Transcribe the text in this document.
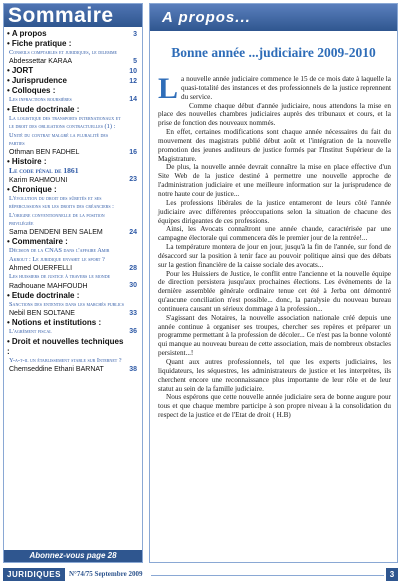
Sommaire
• A propos	3
• Fiche pratique :
Conseils comptables et juridiques, le dilemme
Abdessettar KARAA	5
• JORT	10
• Jurisprudence	12
• Colloques :
Les infractions boursières	14
• Etude doctrinale :
La logistique des transports internationaux et le droit des obligations contractuelles (1) : Unité du contrat malgré la pluralité des parties
Othman BEN FADHEL	16
• Histoire :
Le code pénal de 1861
Karim RAHMOUNI	23
• Chronique :
L'évolution du droit des sûretés et ses répercussions sur les droits des créanciers : L'origine conventionnelle de la position privilégiée
Sama DENDENI BEN SALEM	24
• Commentaire :
Décision de la CNAS dans l'affaire Amir Akrout : Le juridique envahit le sport ?
Ahmed OUERFELLI	28
Les huissiers de justice à travers le monde
Radhouane MAHFOUDH	30
• Etude doctrinale :
Sanctions des ententes dans les marchés publics
Nebil BEN SOLTANE	33
• Notions et institutions :
L'agrément fiscal	36
• Droit et nouvelles techniques :
Y-a-t-il un établissement stable sur Internet ?
Chemseddine Ethani BARNAT	38
Abonnez-vous page 28
A propos...
Bonne année ...judiciaire 2009-2010

La nouvelle année judiciaire commence le 15 de ce mois date à laquelle la quasi-totalité des instances et des professionnels de la justice reprennent du service.

Comme chaque début d'année judiciaire, nous attendons la mise en place des nouvelles chambres judiciaires auprès des tribunaux et cours, et la prise de fonction des nouveaux nommés.

En effet, certaines modifications sont chaque année nécessaires du fait du mouvement des magistrats publié début août et l'intégration de la nouvelle promotion des jeunes auditeurs de justice formés par l'Institut Supérieur de la Magistrature.

De plus, la nouvelle année devrait connaître la mise en place effective d'un Site Web de la justice destiné à permettre une nouvelle approche de l'administration judiciaire et une meilleure information sur la jurisprudence de notre haute cour de justice...

Les professions libérales de la justice entameront de leurs côté l'année judiciaire avec différentes préoccupations selon la situation de chacune des équipes dirigeantes de ces professions.

Ainsi, les Avocats connaîtront une année chaude, caractérisée par une campagne électorale qui commencera dès le premier jour de la rentrée!...

La température montera de jour en jour, jusqu'à la fin de l'année, sur fond de désaccord sur la position à tenir face au pouvoir politique ainsi que des débats sur la gestion financière de la caisse sociale des avocats...

Pour les Huissiers de Justice, le conflit entre l'ancienne et la nouvelle équipe de direction persistera jusqu'aux prochaines élections. Les événements de la dernière assemblée générale ordinaire tenue cet été à Jerba ont démontré qu'aucune conciliation n'est possible... donc, la paralysie du nouveau bureau continuera causant un sérieux dommage à la profession...

S'agissant des Notaires, la nouvelle association nationale créé depuis une année continue à organiser ses troupes, chercher ses repères et préparer un programme permettant à la profession de décoler... Ce n'est pas la bonne volonté qui manque au nouveau bureau de cette association, mais de nombreux obstacles persistent...!

Quant aux autres professionnels, tel que les experts judiciaires, les liquidateurs, les séquestres, les administrateurs de justice et les interprètes, ils cherchent encore une reconnaissance plus importante de leur rôle et de leur statut au sein de la famille judiciaire.

Nous espérons que cette nouvelle année judiciaire sera de bonne augure pour tous et que chaque membre participe à son propre niveau à la consolidation du respect de la justice et de l'Etat de droit ( H.B)

JURIDIQUES	N°74/75 Septembre 2009	3
